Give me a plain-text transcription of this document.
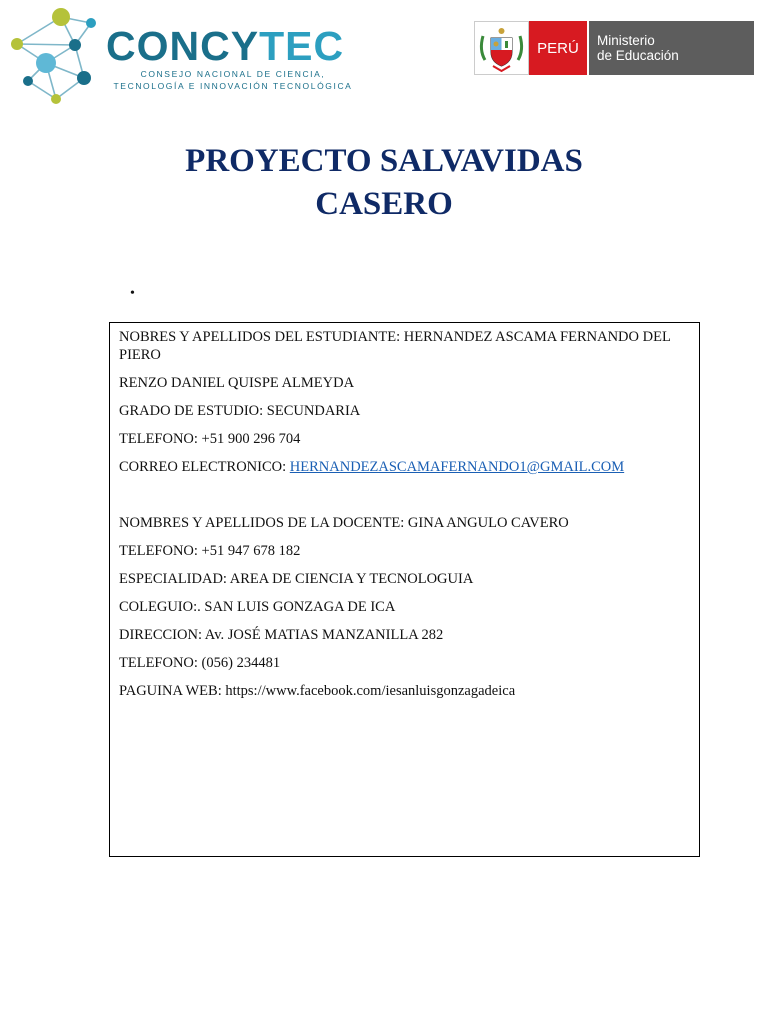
CONCYTEC
CONSEJO NACIONAL DE CIENCIA,
TECNOLOGÍA E INNOVACIÓN TECNOLÓGICA
PERÚ	Ministerio
de Educación
PROYECTO SALVAVIDAS
CASERO
•

NOBRES Y APELLIDOS DEL ESTUDIANTE: HERNANDEZ ASCAMA FERNANDO DEL PIERO

RENZO DANIEL QUISPE ALMEYDA

GRADO DE ESTUDIO: SECUNDARIA

TELEFONO: +51 900 296 704

CORREO ELECTRONICO: HERNANDEZASCAMAFERNANDO1@GMAIL.COM

NOMBRES Y APELLIDOS DE LA DOCENTE: GINA ANGULO CAVERO

TELEFONO: +51 947 678 182

ESPECIALIDAD: AREA DE CIENCIA Y TECNOLOGUIA

COLEGUIO:. SAN LUIS GONZAGA DE ICA

DIRECCION: Av. JOSÉ MATIAS MANZANILLA 282

TELEFONO: (056) 234481

PAGUINA WEB: https://www.facebook.com/iesanluisgonzagadeica
